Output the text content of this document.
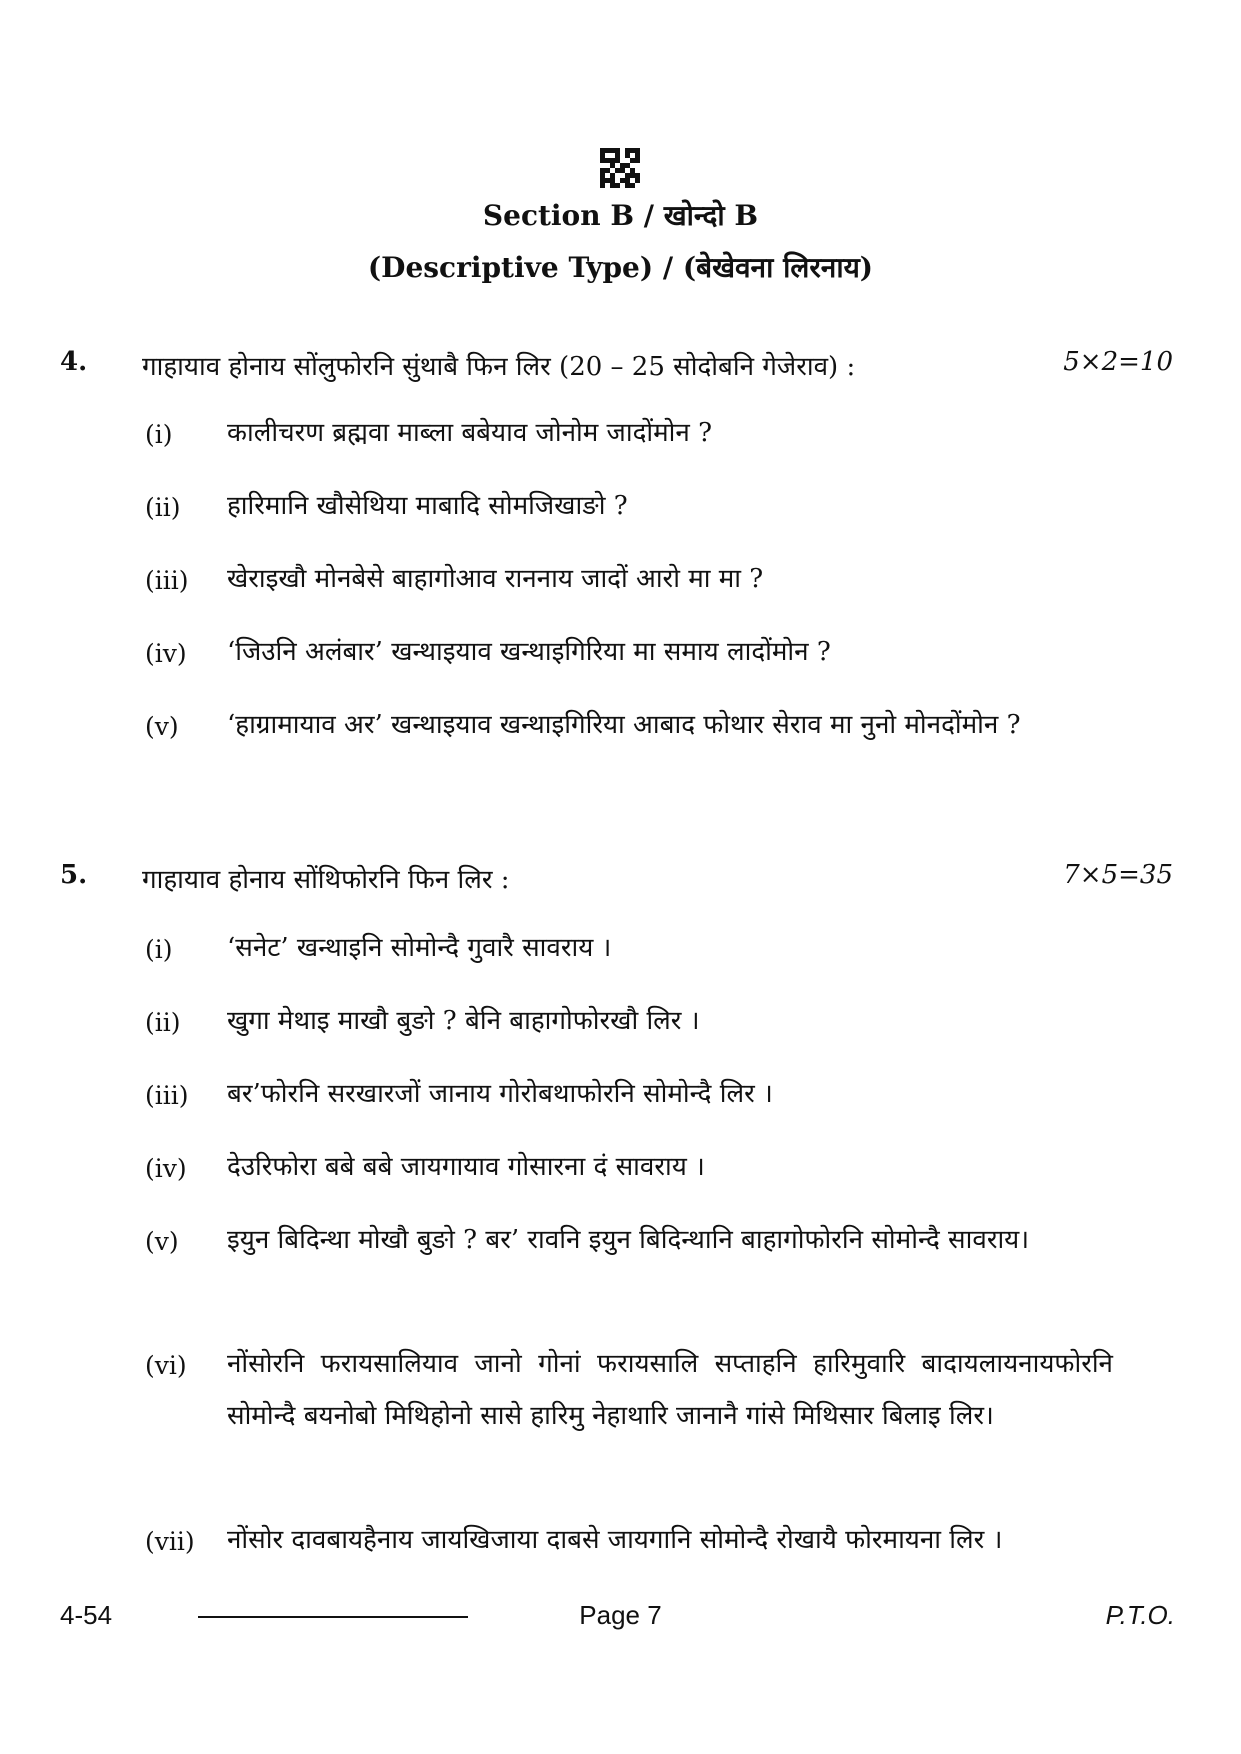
Section B / खोन्दो B
(Descriptive Type) / (बेखेवना लिरनाय)
4. गाहायाव होनाय सोंलुफोरनि सुंथाबै फिन लिर (20 – 25 सोदोबनि गेजेराव) :	5×2=10
(i) कालीचरण ब्रह्मवा माब्ला बबेयाव जोनोम जादोंमोन ?
(ii) हारिमानि खौसेथिया माबादि सोमजिखाङो ?
(iii) खेराइखौ मोनबेसे बाहागोआव राननाय जादों आरो मा मा ?
(iv) ‘जिउनि अलंबार’ खन्थाइयाव खन्थाइगिरिया मा समाय लादोंमोन ?
(v) ‘हाग्रामायाव अर’ खन्थाइयाव खन्थाइगिरिया आबाद फोथार सेराव मा नुनो मोनदोंमोन ?
5. गाहायाव होनाय सोंथिफोरनि फिन लिर :	7×5=35
(i) ‘सनेट’ खन्थाइनि सोमोन्दै गुवारै सावराय ।
(ii) खुगा मेथाइ माखौ बुङो ? बेनि बाहागोफोरखौ लिर ।
(iii) बर’फोरनि सरखारजों जानाय गोरोबथाफोरनि सोमोन्दै लिर ।
(iv) देउरिफोरा बबे बबे जायगायाव गोसारना दं सावराय ।
(v) इयुन बिदिन्था मोखौ बुङो ? बर’ रावनि इयुन बिदिन्थानि बाहागोफोरनि सोमोन्दै सावराय।
(vi) नोंसोरनि फरायसालियाव जानो गोनां फरायसालि सप्ताहनि हारिमुवारि बादायलायनायफोरनि सोमोन्दै बयनोबो मिथिहोनो सासे हारिमु नेहाथारि जानानै गांसे मिथिसार बिलाइ लिर।
(vii) नोंसोर दावबायहैनाय जायखिजाया दाबसे जायगानि सोमोन्दै रोखायै फोरमायना लिर ।
4-54	Page 7	P.T.O.
